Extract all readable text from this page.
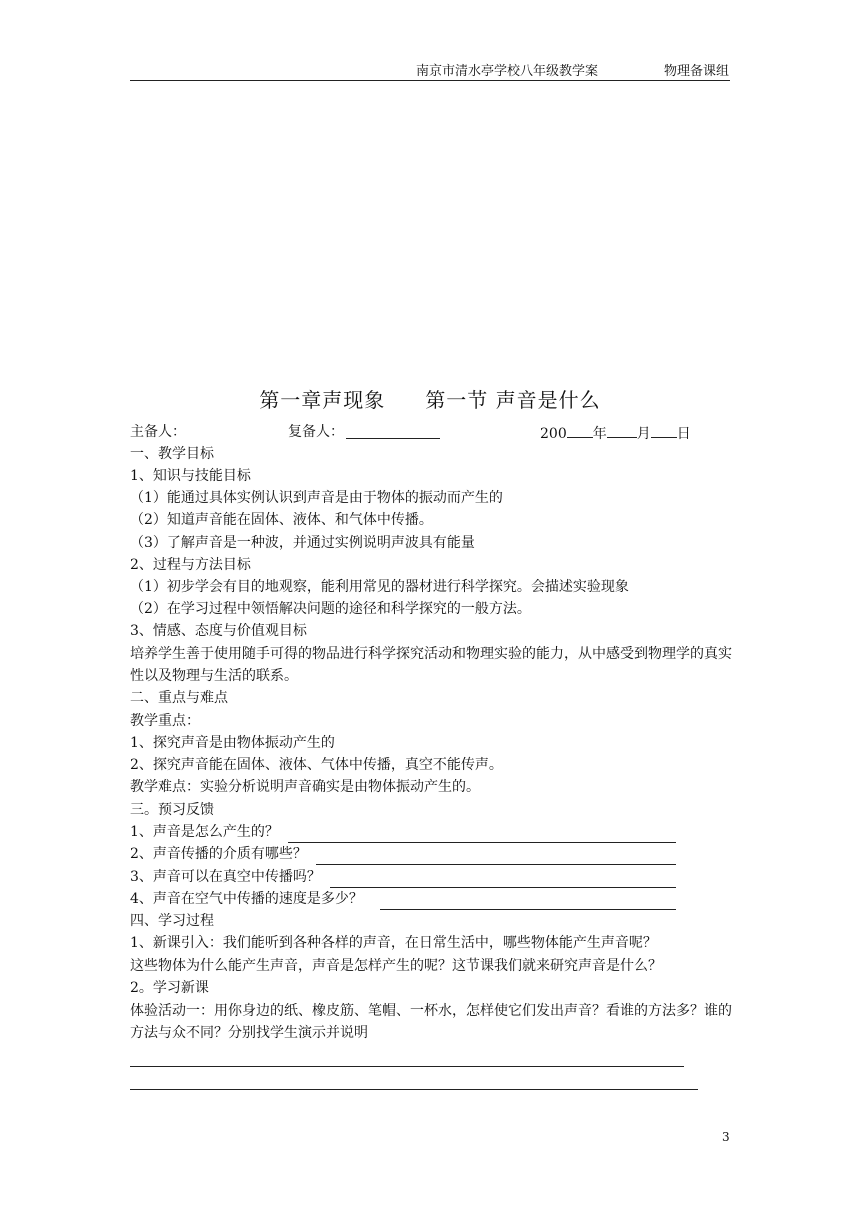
南京市清水亭学校八年级教学案	物理备课组
第一章声现象 第一节 声音是什么
主备人：	复备人：	200 年 月 日
一、教学目标
1、知识与技能目标
（1）能通过具体实例认识到声音是由于物体的振动而产生的
（2）知道声音能在固体、液体、和气体中传播。
（3）了解声音是一种波，并通过实例说明声波具有能量
2、过程与方法目标
（1）初步学会有目的地观察，能利用常见的器材进行科学探究。会描述实验现象
（2）在学习过程中领悟解决问题的途径和科学探究的一般方法。
3、情感、态度与价值观目标
培养学生善于使用随手可得的物品进行科学探究活动和物理实验的能力，从中感受到物理学的真实性以及物理与生活的联系。
二、重点与难点
教学重点：
1、探究声音是由物体振动产生的
2、探究声音能在固体、液体、气体中传播，真空不能传声。
教学难点：实验分析说明声音确实是由物体振动产生的。
三。预习反馈
1、声音是怎么产生的？
2、声音传播的介质有哪些？
3、声音可以在真空中传播吗？
4、声音在空气中传播的速度是多少？
四、学习过程
1、新课引入：我们能听到各种各样的声音，在日常生活中，哪些物体能产生声音呢？
这些物体为什么能产生声音，声音是怎样产生的呢？这节课我们就来研究声音是什么？
2。学习新课
体验活动一：用你身边的纸、橡皮筋、笔帽、一杯水，怎样使它们发出声音？看谁的方法多？谁的方法与众不同？分别找学生演示并说明
3
